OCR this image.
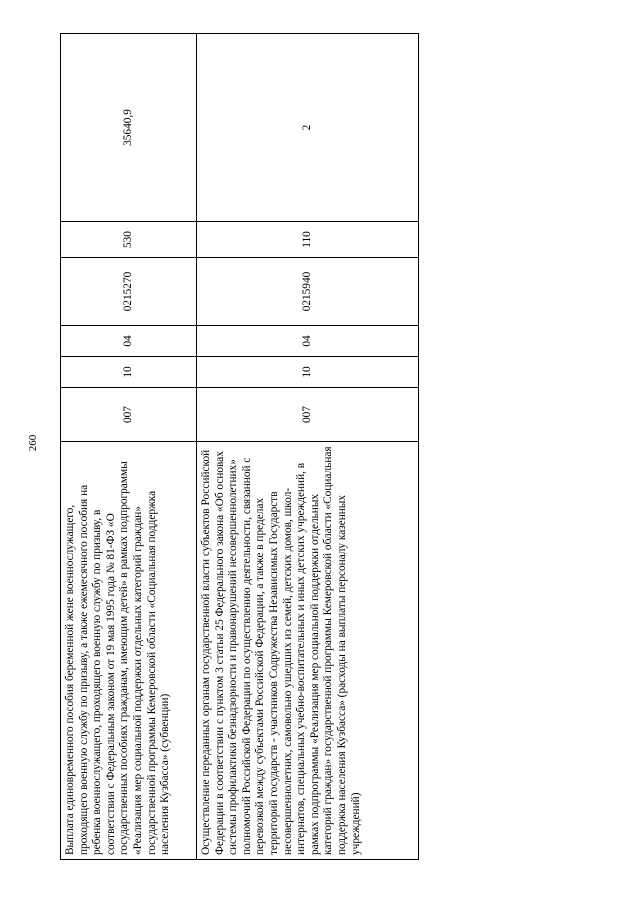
260
Выплата единовременного пособия беременной жене военнослужащего, проходящего военную службу по призыву, а также ежемесячного пособия на ребенка военнослужащего, проходящего военную службу по призыву, в соответствии с Федеральным законом от 19 мая 1995 года № 81-ФЗ «О государственных пособиях гражданам, имеющим детей» в рамках подпрограммы «Реализация мер социальной поддержки отдельных категорий граждан» государственной программы Кемеровской области «Социальная поддержка населения Кузбасса» (субвенции)	007	10	04	0215270	530	35640,9
Осуществление переданных органам государственной власти субъектов Российской Федерации в соответствии с пунктом 3 статьи 25 Федерального закона «Об основах системы профилактики безнадзорности и правонарушений несовершеннолетних» полномочий Российской Федерации по осуществлению деятельности, связанной с перевозкой между субъектами Российской Федерации, а также в пределах территорий государств - участников Содружества Независимых Государств несовершеннолетних, самовольно ушедших из семей, детских домов, школ-интернатов, специальных учебно-воспитательных и иных детских учреждений, в рамках подпрограммы «Реализация мер социальной поддержки отдельных категорий граждан» государственной программы Кемеровской области «Социальная поддержка населения Кузбасса» (расходы на выплаты персоналу казенных учреждений)	007	10	04	0215940	110	2
